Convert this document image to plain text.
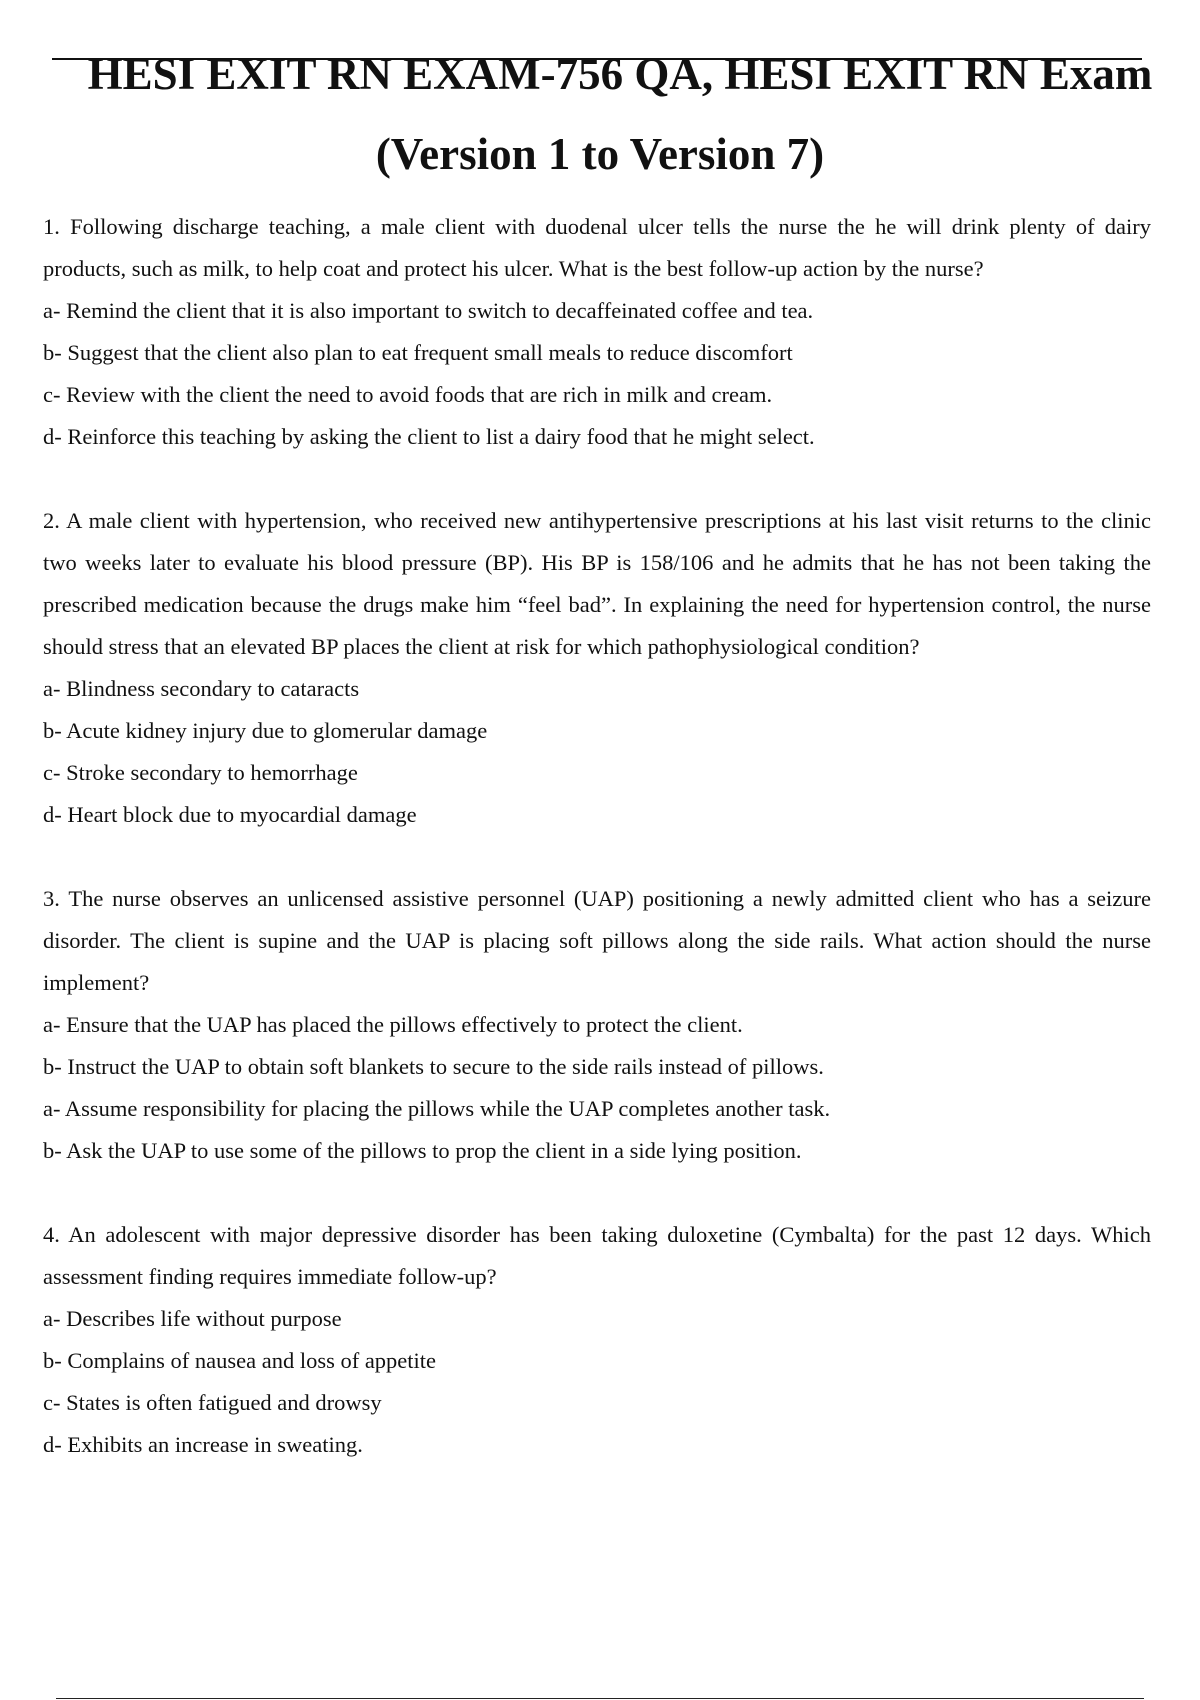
HESI EXIT RN EXAM-756 QA, HESI EXIT RN Exam
(Version 1 to Version 7)
1. Following discharge teaching, a male client with duodenal ulcer tells the nurse the he will drink plenty of dairy products, such as milk, to help coat and protect his ulcer. What is the best follow-up action by the nurse?
a- Remind the client that it is also important to switch to decaffeinated coffee and tea.
b- Suggest that the client also plan to eat frequent small meals to reduce discomfort
c- Review with the client the need to avoid foods that are rich in milk and cream.
d- Reinforce this teaching by asking the client to list a dairy food that he might select.
2. A male client with hypertension, who received new antihypertensive prescriptions at his last visit returns to the clinic two weeks later to evaluate his blood pressure (BP). His BP is 158/106 and he admits that he has not been taking the prescribed medication because the drugs make him “feel bad”. In explaining the need for hypertension control, the nurse should stress that an elevated BP places the client at risk for which pathophysiological condition?
a- Blindness secondary to cataracts
b- Acute kidney injury due to glomerular damage
c- Stroke secondary to hemorrhage
d- Heart block due to myocardial damage
3. The nurse observes an unlicensed assistive personnel (UAP) positioning a newly admitted client who has a seizure disorder. The client is supine and the UAP is placing soft pillows along the side rails. What action should the nurse implement?
a- Ensure that the UAP has placed the pillows effectively to protect the client.
b- Instruct the UAP to obtain soft blankets to secure to the side rails instead of pillows.
a- Assume responsibility for placing the pillows while the UAP completes another task.
b- Ask the UAP to use some of the pillows to prop the client in a side lying position.
4. An adolescent with major depressive disorder has been taking duloxetine (Cymbalta) for the past 12 days. Which assessment finding requires immediate follow-up?
a- Describes life without purpose
b- Complains of nausea and loss of appetite
c- States is often fatigued and drowsy
d- Exhibits an increase in sweating.
